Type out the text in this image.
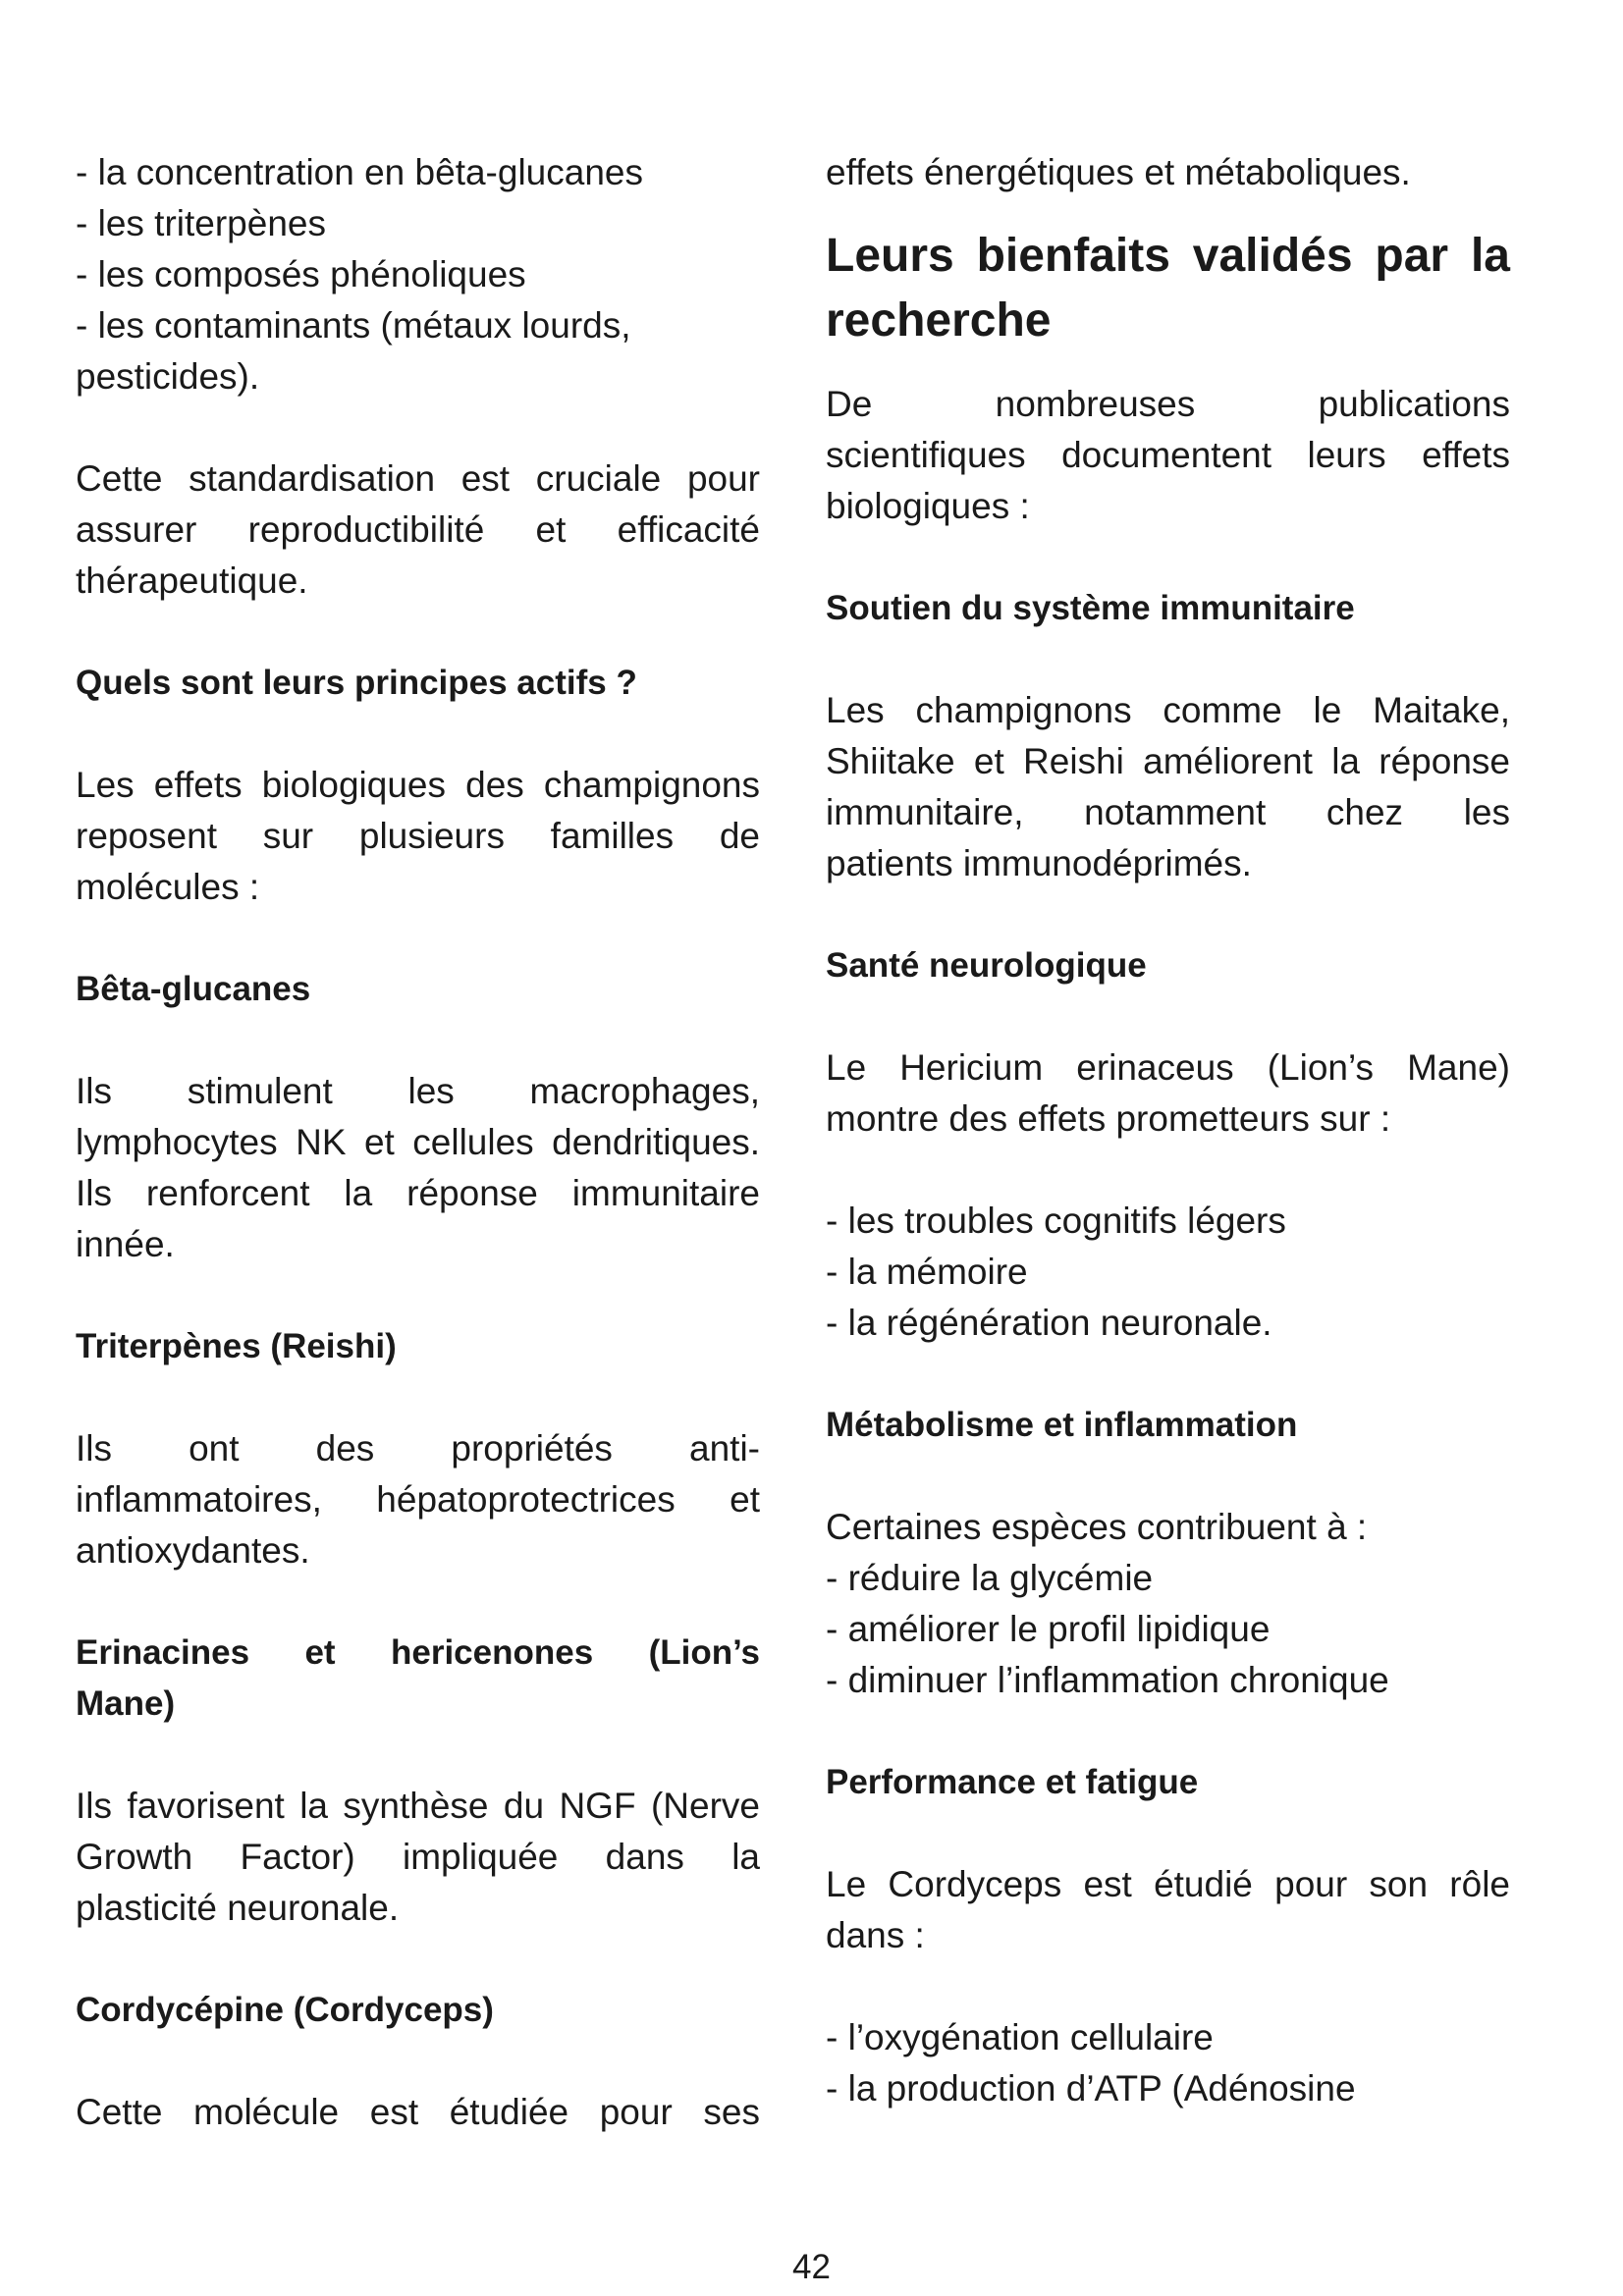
- la concentration en bêta-glucanes
- les triterpènes
- les composés phénoliques
- les contaminants (métaux lourds,
pesticides).
Cette standardisation est cruciale pour
assurer reproductibilité et efficacité
thérapeutique.
Quels sont leurs principes actifs ?
Les effets biologiques des champignons
reposent sur plusieurs familles de
molécules :
Bêta-glucanes
Ils stimulent les macrophages,
lymphocytes NK et cellules dendritiques.
Ils renforcent la réponse immunitaire
innée.
Triterpènes (Reishi)
Ils ont des propriétés anti-
inflammatoires, hépatoprotectrices et
antioxydantes.
Erinacines et hericenones (Lion’s
Mane)
Ils favorisent la synthèse du NGF (Nerve
Growth Factor) impliquée dans la
plasticité neuronale.
Cordycépine (Cordyceps)
Cette molécule est étudiée pour ses
effets énergétiques et métaboliques.
Leurs bienfaits validés par la
recherche
De nombreuses publications
scientifiques documentent leurs effets
biologiques :
Soutien du système immunitaire
Les champignons comme le Maitake,
Shiitake et Reishi améliorent la réponse
immunitaire, notamment chez les
patients immunodéprimés.
Santé neurologique
Le Hericium erinaceus (Lion’s Mane)
montre des effets prometteurs sur :
- les troubles cognitifs légers
- la mémoire
- la régénération neuronale.
Métabolisme et inflammation
Certaines espèces contribuent à :
- réduire la glycémie
- améliorer le profil lipidique
- diminuer l’inflammation chronique
Performance et fatigue
Le Cordyceps est étudié pour son rôle
dans :
- l’oxygénation cellulaire
- la production d’ATP (Adénosine
42
